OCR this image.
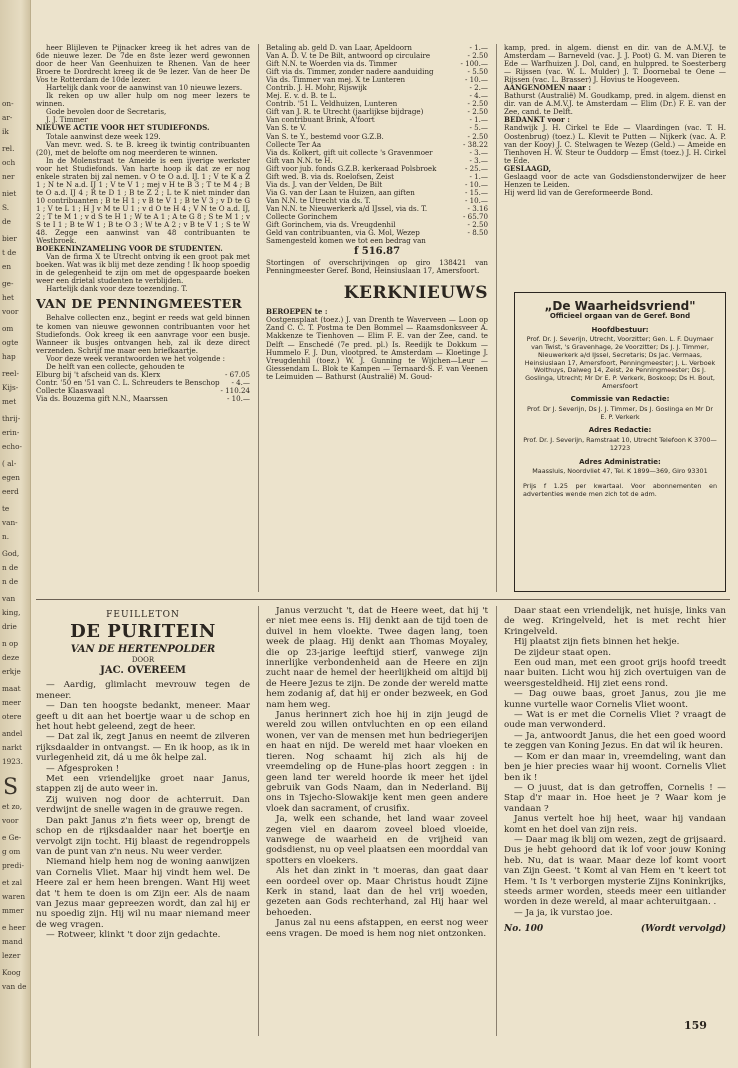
on-
ar-
ik
rel.
och
ner
niet
S.
de
bier
t de
en
ge-
het
voor
om
ogte
hap
reel-
Kijs-
met
thrij-
erin-
echo-
( al-
egen
eerd
te
van-
n.
God,
n de
n de
van
king,
drie
n op
deze
erkje
maat
meer
otere
andel
narkt
1923.
S
et zo,
voor
e Ge-
g om
predi-
et zal
waren
mmer
e heer
mand
lezer
Koog
van de

heer Blijleven te Pijnacker kreeg ik het adres van de 6de nieuwe lezer. De 7de en 8ste lezer werd gewonnen door de heer Van Geenhuizen te Rhenen. Van de heer Broere te Dordrecht kreeg ik de 9e lezer. Van de heer De Vos te Rotterdam de 10de lezer.

Hartelijk dank voor de aanwinst van 10 nieuwe lezers.

Ik reken op uw aller hulp om nog meer lezers te winnen.

Gode bevolen door de Secretaris,

J. J. Timmer

NIEUWE ACTIE VOOR HET STUDIEFONDS.

Totale aanwinst deze week 129.

Van mevr. wed. S. te B. kreeg ik twintig contribuanten (20), met de belofte om nog meerderen te winnen.

In de Molenstraat te Ameide is een ijverige werkster voor het Studiefonds. Van harte hoop ik dat ze er nog enkele straten bij zal nemen. v O te O a.d. IJ. 1 ; V te K a Z 1 ; N te N a.d. IJ 1 ; V te V 1 ; mej v H te B 3 ; T te M 4 ; B te O a.d. IJ 4 ; R te D 1 ; B te Z 2 ; L te K niet minder dan 10 contribuanten ; B te H 1 ; v B te V 1 ; B te V 3 ; v D te G 1 ; V te L 1 ; H J v M te U 1 ; v d O te H 4 ; V N te O a.d. IJ, 2 ; T te M 1 ; v d S te H 1 ; W te A 1 ; A te G 8 ; S te M 1 ; v S te I 1 ; B te W 1 ; B te O 3 ; W te A 2 ; v B te V 1 ; S te W 48. Zegge een aanwinst van 48 contribuanten te Westbroek.

BOEKENINZAMELING VOOR DE STUDENTEN.

Van de firma X te Utrecht ontving ik een groot pak met boeken. Wat was ik blij met deze zending ! Ik hoop spoedig in de gelegenheid te zijn om met de opgespaarde boeken weer een drietal studenten te verblijden.

Hartelijk dank voor deze toezending. T.

VAN DE PENNINGMEESTER

Behalve collecten enz., begint er reeds wat geld binnen te komen van nieuwe gewonnen contribuanten voor het Studiefonds. Ook kreeg ik een aanvrage voor een busje. Wanneer ik busjes ontvangen heb, zal ik deze direct verzenden. Schrijf me maar een briefkaartje.

Voor deze week verantwoorden we het volgende :

De helft van een collecte, gehouden te

Elburg bij 't afscheid van ds. Klerx	- 67.05
Contr. '50 en '51 van C. L. Schreuders te Benschop	- 4.—
Collecte Klaaswaal	- 110.24
Via ds. Bouzema gift N.N., Maarssen	- 10.—
Betaling ab. geld D. van Laar, Apeldoorn	- 1.—
Van A. D. V. te De Bilt, antwoord op circulaire	- 2.50
Gift N.N. te Woerden via ds. Timmer	- 100.—
Gift via ds. Timmer, zonder nadere aanduiding	- 5.50
Via ds. Timmer van mej. X te Lunteren	- 10.—
Contrib. J. H. Mohr, Rijswijk	- 2.—
Mej. E. v. d. B. te L.	- 4.—
Contrib. '51 L. Veldhuizen, Lunteren	- 2.50
Gift van J. R. te Utrecht (jaarlijkse bijdrage)	- 2.50
Van contribuant Brink, A'foort	- 1.—
Van S. te V.	- 5.—
Van S. te Y., bestemd voor G.Z.B.	- 2.50
Collecte Ter Aa	- 38.22
Via ds. Kolkert, gift uit collecte 's Gravenmoer	- 3.—
Gift van N.N. te H.	- 3.—
Gift voor jub. fonds G.Z.B. kerkeraad Polsbroek	- 25.—
Gift wed. B. via ds. Roelofsen, Zeist	- 1.—
Via ds. J. van der Velden, De Bilt	- 10.—
Via G. van der Laan te Huizen, aan giften	- 15.—
Van N.N. te Utrecht via ds. T.	- 10.—
Van N.N. te Nieuwerkerk a/d IJssel, via ds. T.	- 3.16
Collecte Gorinchem	- 65.70
Gift Gorinchem, via ds. Vreugdenhil	- 2.50
Geld van contribuanten, via G. Mol, Wezep	- 8.50
Samengesteld komen we tot een bedrag van
f 516.87

Stortingen of overschrijvingen op giro 138421 van Penningmeester Geref. Bond, Heinsiuslaan 17, Amersfoort.

KERKNIEUWS

BEROEPEN te :

Oostgensplaat (toez.) J. van Drenth te Waverveen — Loon op Zand C. C. T. Postma te Den Bommel — Raamsdonksveer A. Makkenze te Tienhoven — Elim F. E. van der Zee, cand. te Delft — Enschedé (7e pred. pl.) Is. Reedijk te Dokkum — Hummelo F. J. Dun, vlootpred. te Amsterdam — Kloetinge J. Vreugdenhil (toez.) W. J. Gunning te Wijchen—Leur — Giessendam L. Blok te Kampen — Ternaard-S. F. van Veenen te Leimuiden — Bathurst (Australië) M. Goud-

kamp, pred. in algem. dienst en dir. van de A.M.V.J. te Amsterdam — Barneveld (vac. J. J. Poot) G. M. van Dieren te Ede — Warfhuizen J. Dol, cand, en hulppred. te Soesterberg — Rijssen (vac. W. L. Mulder) J. T. Doornebal te Oene — Rijssen (vac. L. Brasser) J. Hovius te Hoogeveen.

AANGENOMEN naar :

Bathurst (Australië) M. Goudkamp, pred. in algem. dienst en dir. van de A.M.V.J. te Amsterdam — Elim (Dr.) F. E. van der Zee, cand. te Delft.

BEDANKT voor :

Randwijk J. H. Cirkel te Ede — Vlaardingen (vac. T. H. Oostenbrug) (toez.) L. Klevit te Putten — Nijkerk (vac. A. P. van der Kooy) J. C. Stelwagen te Wezep (Geld.) — Ameide en Tienhoven H. W. Steur te Ouddorp — Emst (toez.) J. H. Cirkel te Ede.

GESLAAGD,

Geslaagd voor de acte van Godsdienstonderwijzer de heer Henzen te Leiden.

Hij werd lid van de Gereformeerde Bond.

„De Waarheidsvriend"
Officieel orgaan van de Geref. Bond
Hoofdbestuur:
Prof. Dr. J. Severijn, Utrecht, Voorzitter; Gen. L. F. Duymaer van Twist, 's Gravenhage, 2e Voorzitter; Ds J. J. Timmer, Nieuwerkerk a/d IJssel, Secretaris; Ds Jac. Vermaas, Heinsiuslaan 17, Amersfoort, Penningmeester; J. L. Verboek Wolthuys, Dalweg 14, Zeist, 2e Penningmeester; Ds J. Goslinga, Utrecht; Mr Dr E. P. Verkerk, Boskoop; Ds H. Bout, Amersfoort
Commissie van Redactie:
Prof. Dr J. Severijn, Ds J. J. Timmer, Ds J. Goslinga en Mr Dr E. P. Verkerk
Adres Redactie:
Prof. Dr. J. Severijn, Ramstraat 10, Utrecht Telefoon K 3700—12723
Adres Administratie:
Maassluis, Noordvliet 47, Tel. K 1899—369, Giro 93301
Prijs f 1.25 per kwartaal. Voor abonnementen en advertenties wende men zich tot de adm.
FEUILLETON
DE PURITEIN
VAN DE HERTENPOLDER
DOOR
JAC. OVEREEM

— Aardig, glimlacht mevrouw tegen de meneer.

— Dan ten hoogste bedankt, meneer. Maar geeft u dit aan het boertje waar u de schop en het hout hebt geleend, zegt de heer.

— Dat zal ik, zegt Janus en neemt de zilveren rijksdaalder in ontvangst. — En ik hoop, as ik in vurlegenheid zit, dá u me ôk helpe zal.

— Afgesproken !

Met een vriendelijke groet naar Janus, stappen zij de auto weer in.

Zij wuiven nog door de achterruit. Dan verdwijnt de snelle wagen in de grauwe regen.

Dan pakt Janus z'n fiets weer op, brengt de schop en de rijksdaalder naar het boertje en vervolgt zijn tocht. Hij blaast de regendroppels van de punt van z'n neus. Nu weer verder.

Niemand hielp hem nog de woning aanwijzen van Cornelis Vliet. Maar hij vindt hem wel. De Heere zal er hem heen brengen. Want Hij weet dat 't hem te doen is om Zijn eer. Als de naam van Jezus maar gepreezen wordt, dan zal hij er nu spoedig zijn. Hij wil nu maar niemand meer de weg vragen.

— Rotweer, klinkt 't door zijn gedachte.

Janus verzucht 't, dat de Heere weet, dat hij 't er niet mee eens is. Hij denkt aan de tijd toen de duivel in hem vloekte. Twee dagen lang, toen week de plaag. Hij denkt aan Thomas Moyaley, die op 23-jarige leeftijd stierf, vanwege zijn innerlijke verbondenheid aan de Heere en zijn zucht naar de hemel der heerlijkheid om altijd bij de Heere Jezus te zijn. De zonde der wereld matte hem zodanig af, dat hij er onder bezweek, en God nam hem weg.

Janus herinnert zich hoe hij in zijn jeugd de wereld zou willen ontvluchten en op een eiland wonen, ver van de mensen met hun bedriegerijen en haat en nijd. De wereld met haar vloeken en tieren. Nog schaamt hij zich als hij de vreemdeling op de Hune-plas hoort zeggen : in geen land ter wereld hoorde ik meer het ijdel gebruik van Gods Naam, dan in Nederland. Bij ons in Tsjecho-Slowakije kent men geen andere vloek dan sacrament, of crusifix.

Ja, welk een schande, het land waar zoveel zegen viel en daarom zoveel bloed vloeide, vanwege de waarheid en de vrijheid van godsdienst, nu op veel plaatsen een moorddal van spotters en vloekers.

Als het dan zinkt in 't moeras, dan gaat daar een oordeel over op. Maar Christus houdt Zijne Kerk in stand, laat dan de hel vrij woeden, gezeten aan Gods rechterhand, zal Hij haar wel behoeden.

Janus zal nu eens afstappen, en eerst nog weer eens vragen. De moed is hem nog niet ontzonken.

Daar staat een vriendelijk, net huisje, links van de weg. Kringelveld, het is met recht hier Kringelveld.

Hij plaatst zijn fiets binnen het hekje.

De zijdeur staat open.

Een oud man, met een groot grijs hoofd treedt naar buiten. Licht wou hij zich overtuigen van de weersgesteldheid. Hij ziet eens rond.

— Dag ouwe baas, groet Janus, zou jie me kunne vurtelle waor Cornelis Vliet woont.

— Wat is er met die Cornelis Vliet ? vraagt de oude man verwonderd.

— Ja, antwoordt Janus, die het een goed woord te zeggen van Koning Jezus. En dat wil ik heuren.

— Kom er dan maar in, vreemdeling, want dan ben je hier precies waar hij woont. Cornelis Vliet ben ik !

— O juust, dat is dan getroffen, Cornelis ! — Stap d'r maar in. Hoe heet je ? Waar kom je vandaan ?

Janus vertelt hoe hij heet, waar hij vandaan komt en het doel van zijn reis.

— Daar mag ik blij om wezen, zegt de grijsaard. Dus je hebt gehoord dat ik lof voor jouw Koning heb. Nu, dat is waar. Maar deze lof komt voort van Zijn Geest. 't Komt al van Hem en 't keert tot Hem. 't Is 't verborgen mysterie Zijns Koninkrijks, steeds armer worden, steeds meer een uitlander worden in deze wereld, al maar achteruitgaan. .

— Ja ja, ik vurstao joe.

No. 100	(Wordt vervolgd)
159
